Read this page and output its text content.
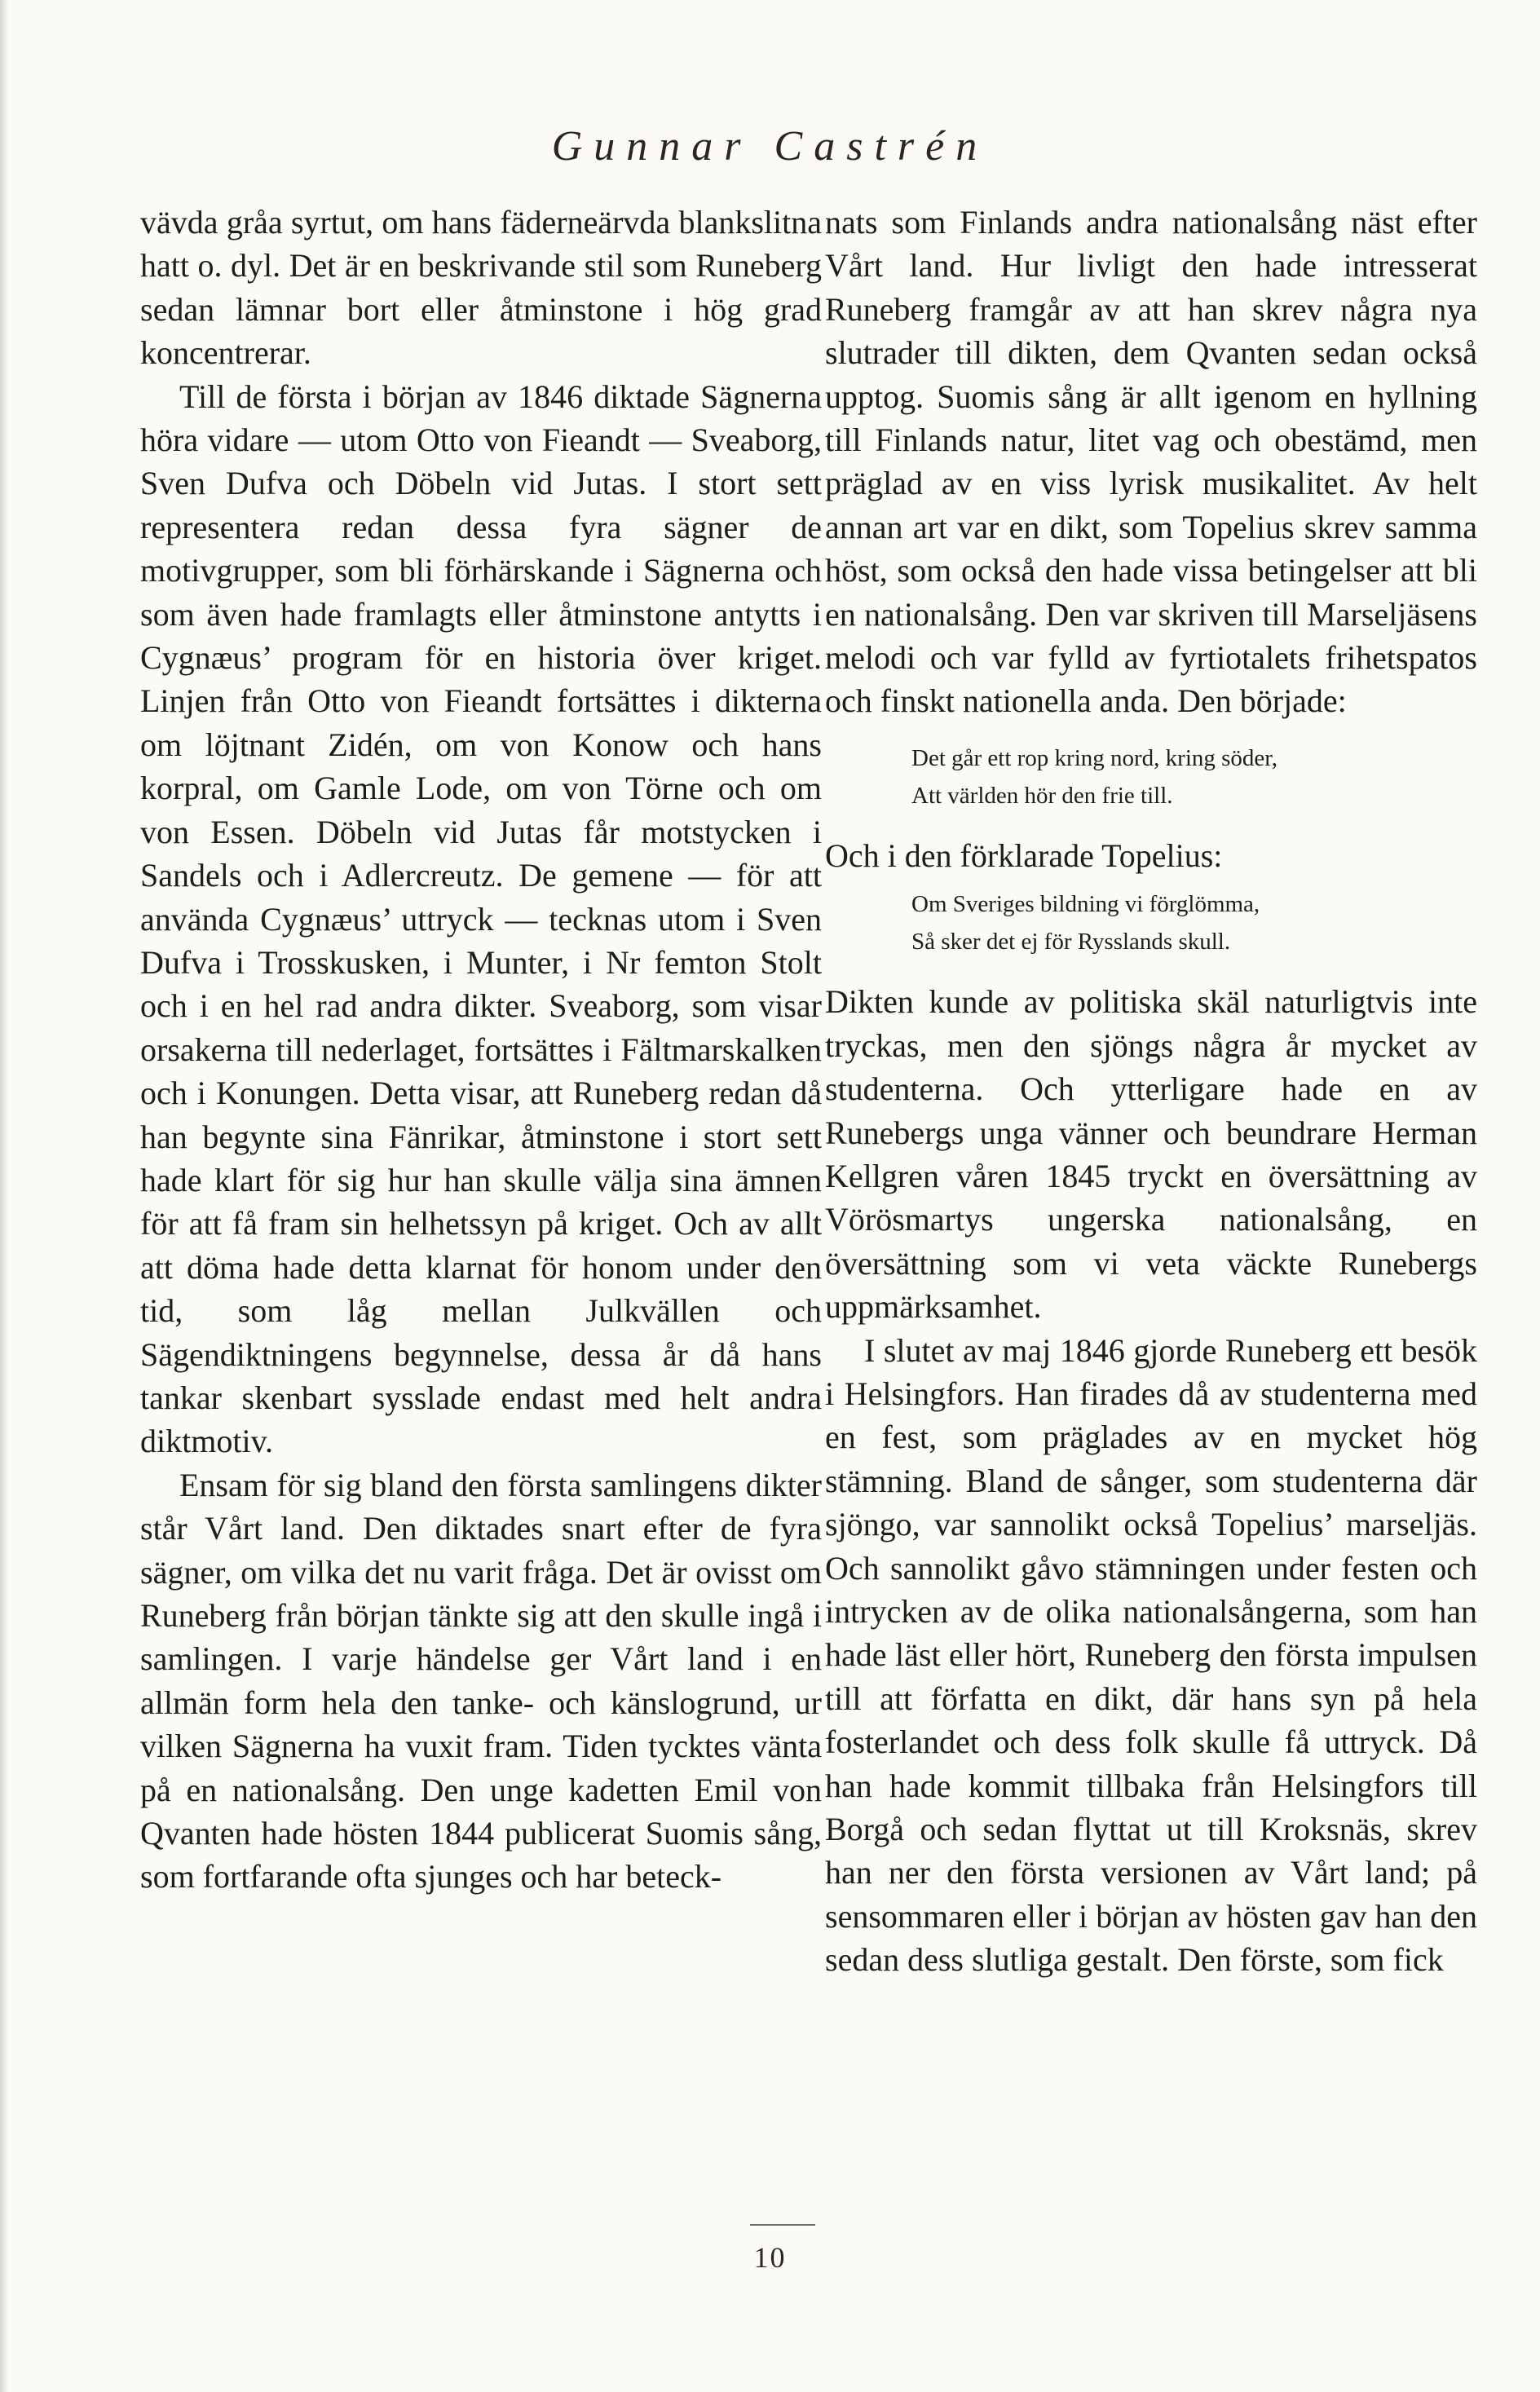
Gunnar Castrén

vävda gråa syrtut, om hans fäderneärvda blankslitna hatt o. dyl. Det är en beskrivande stil som Runeberg sedan lämnar bort eller åtminstone i hög grad koncentrerar.

Till de första i början av 1846 diktade Sägnerna höra vidare — utom Otto von Fieandt — Sveaborg, Sven Dufva och Döbeln vid Jutas. I stort sett representera redan dessa fyra sägner de motivgrupper, som bli förhärskande i Sägnerna och som även hade framlagts eller åtminstone antytts i Cygnæus’ program för en historia över kriget. Linjen från Otto von Fieandt fortsättes i dikterna om löjtnant Zidén, om von Konow och hans korpral, om Gamle Lode, om von Törne och om von Essen. Döbeln vid Jutas får motstycken i Sandels och i Adlercreutz. De gemene — för att använda Cygnæus’ uttryck — tecknas utom i Sven Dufva i Trosskusken, i Munter, i Nr femton Stolt och i en hel rad andra dikter. Sveaborg, som visar orsakerna till nederlaget, fortsättes i Fältmarskalken och i Konungen. Detta visar, att Runeberg redan då han begynte sina Fänrikar, åtminstone i stort sett hade klart för sig hur han skulle välja sina ämnen för att få fram sin helhetssyn på kriget. Och av allt att döma hade detta klarnat för honom under den tid, som låg mellan Julkvällen och Sägendiktningens begynnelse, dessa år då hans tankar skenbart sysslade endast med helt andra diktmotiv.

Ensam för sig bland den första samlingens dikter står Vårt land. Den diktades snart efter de fyra sägner, om vilka det nu varit fråga. Det är ovisst om Runeberg från början tänkte sig att den skulle ingå i samlingen. I varje händelse ger Vårt land i en allmän form hela den tanke- och känslogrund, ur vilken Sägnerna ha vuxit fram. Tiden tycktes vänta på en nationalsång. Den unge kadetten Emil von Qvanten hade hösten 1844 publicerat Suomis sång, som fortfarande ofta sjunges och har beteck-

nats som Finlands andra nationalsång näst efter Vårt land. Hur livligt den hade intresserat Runeberg framgår av att han skrev några nya slutrader till dikten, dem Qvanten sedan också upptog. Suomis sång är allt igenom en hyllning till Finlands natur, litet vag och obestämd, men präglad av en viss lyrisk musikalitet. Av helt annan art var en dikt, som Topelius skrev samma höst, som också den hade vissa betingelser att bli en nationalsång. Den var skriven till Marseljäsens melodi och var fylld av fyrtiotalets frihetspatos och finskt nationella anda. Den började:

Det går ett rop kring nord, kring söder,
Att världen hör den frie till.

Och i den förklarade Topelius:

Om Sveriges bildning vi förglömma,
Så sker det ej för Rysslands skull.

Dikten kunde av politiska skäl naturligtvis inte tryckas, men den sjöngs några år mycket av studenterna. Och ytterligare hade en av Runebergs unga vänner och beundrare Herman Kellgren våren 1845 tryckt en översättning av Vörösmartys ungerska nationalsång, en översättning som vi veta väckte Runebergs uppmärksamhet.

I slutet av maj 1846 gjorde Runeberg ett besök i Helsingfors. Han firades då av studenterna med en fest, som präglades av en mycket hög stämning. Bland de sånger, som studenterna där sjöngo, var sannolikt också Topelius’ marseljäs. Och sannolikt gåvo stämningen under festen och intrycken av de olika nationalsångerna, som han hade läst eller hört, Runeberg den första impulsen till att författa en dikt, där hans syn på hela fosterlandet och dess folk skulle få uttryck. Då han hade kommit tillbaka från Helsingfors till Borgå och sedan flyttat ut till Kroksnäs, skrev han ner den första versionen av Vårt land; på sensommaren eller i början av hösten gav han den sedan dess slutliga gestalt. Den förste, som fick

10
